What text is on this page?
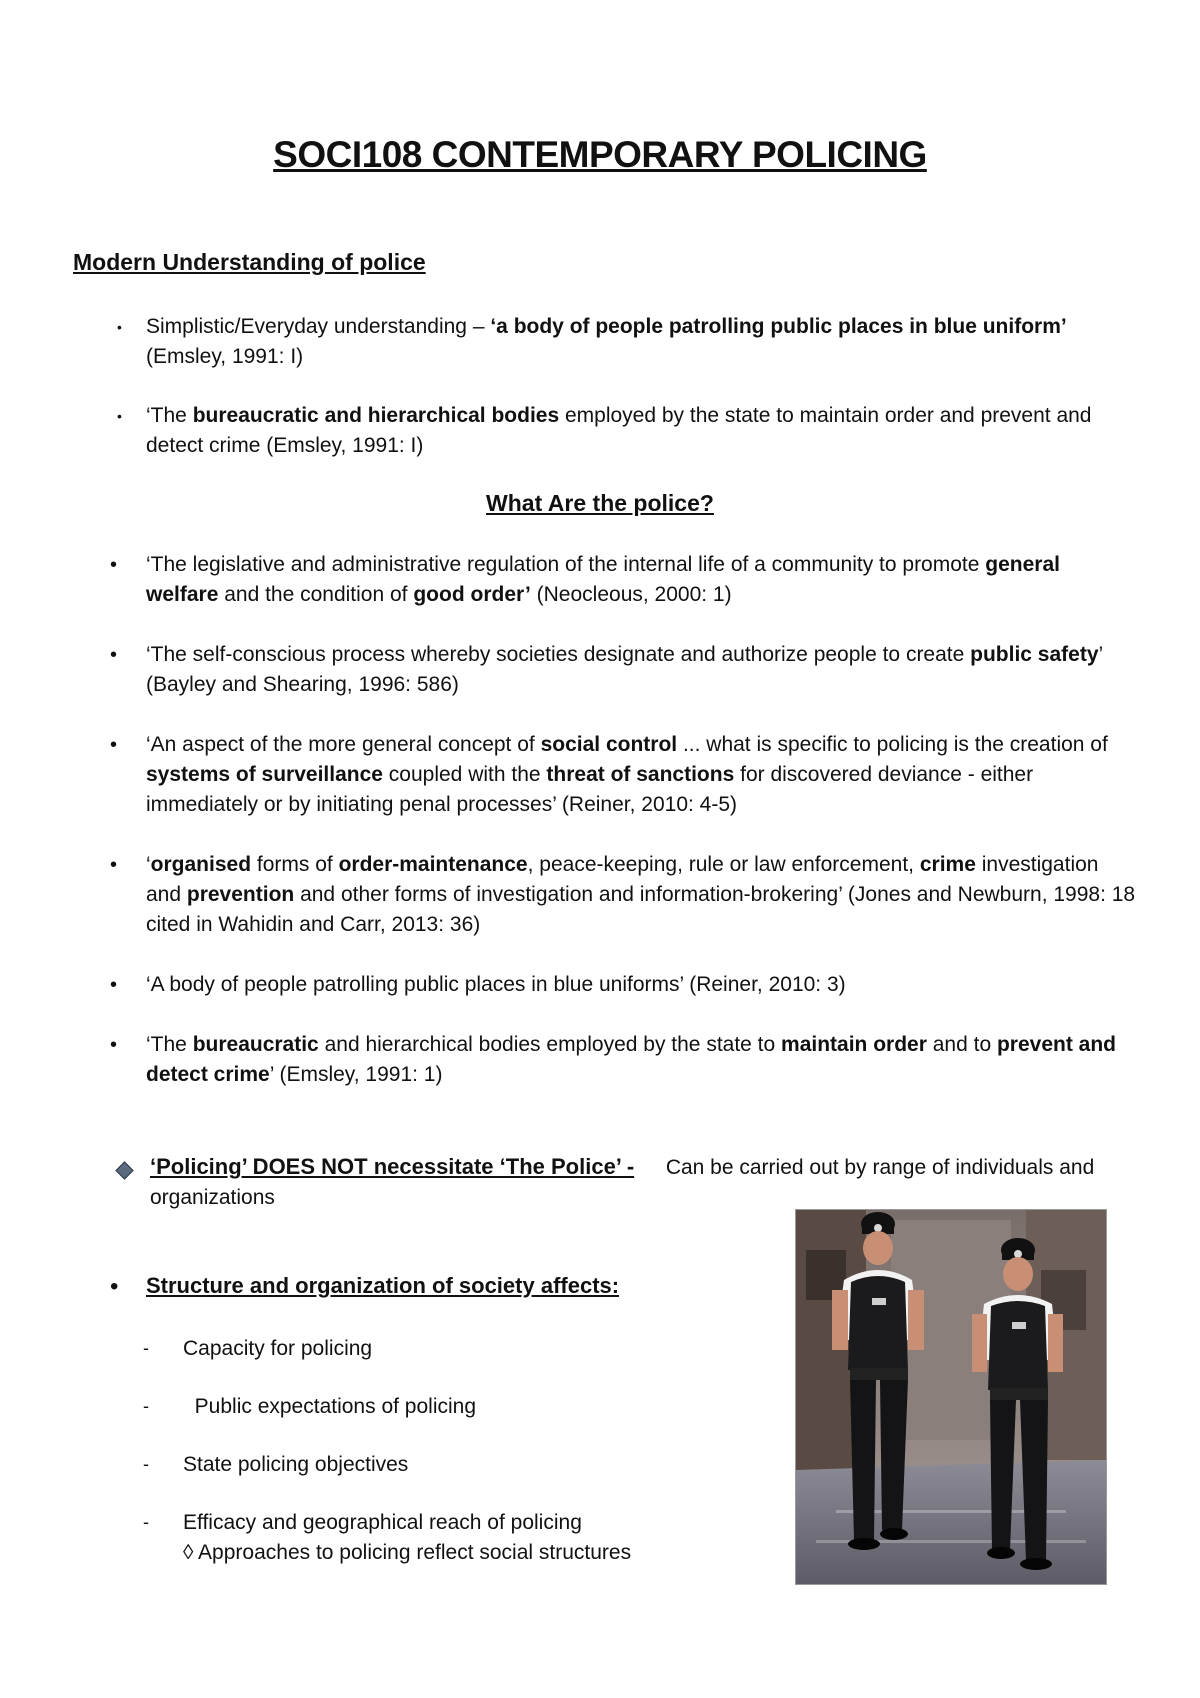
SOCI108 CONTEMPORARY POLICING
Modern Understanding of police
• Simplistic/Everyday understanding – ‘a body of people patrolling public places in blue uniform’ (Emsley, 1991: I)
• ‘The bureaucratic and hierarchical bodies employed by the state to maintain order and prevent and detect crime (Emsley, 1991: I)
What Are the police?
• ‘The legislative and administrative regulation of the internal life of a community to promote general welfare and the condition of good order’ (Neocleous, 2000: 1)
• ‘The self-conscious process whereby societies designate and authorize people to create public safety’ (Bayley and Shearing, 1996: 586)
• ‘An aspect of the more general concept of social control ... what is specific to policing is the creation of systems of surveillance coupled with the threat of sanctions for discovered deviance - either immediately or by initiating penal processes’ (Reiner, 2010: 4-5)
• ‘organised forms of order-maintenance, peace-keeping, rule or law enforcement, crime investigation and prevention and other forms of investigation and information-brokering’ (Jones and Newburn, 1998: 18 cited in Wahidin and Carr, 2013: 36)
• ‘A body of people patrolling public places in blue uniforms’ (Reiner, 2010: 3)
• ‘The bureaucratic and hierarchical bodies employed by the state to maintain order and to prevent and detect crime’ (Emsley, 1991: 1)
‘Policing’ DOES NOT necessitate ‘The Police’ - Can be carried out by range of individuals and organizations
• Structure and organization of society affects:
- Capacity for policing
- Public expectations of policing
- State policing objectives
- Efficacy and geographical reach of policing
◊ Approaches to policing reflect social structures
